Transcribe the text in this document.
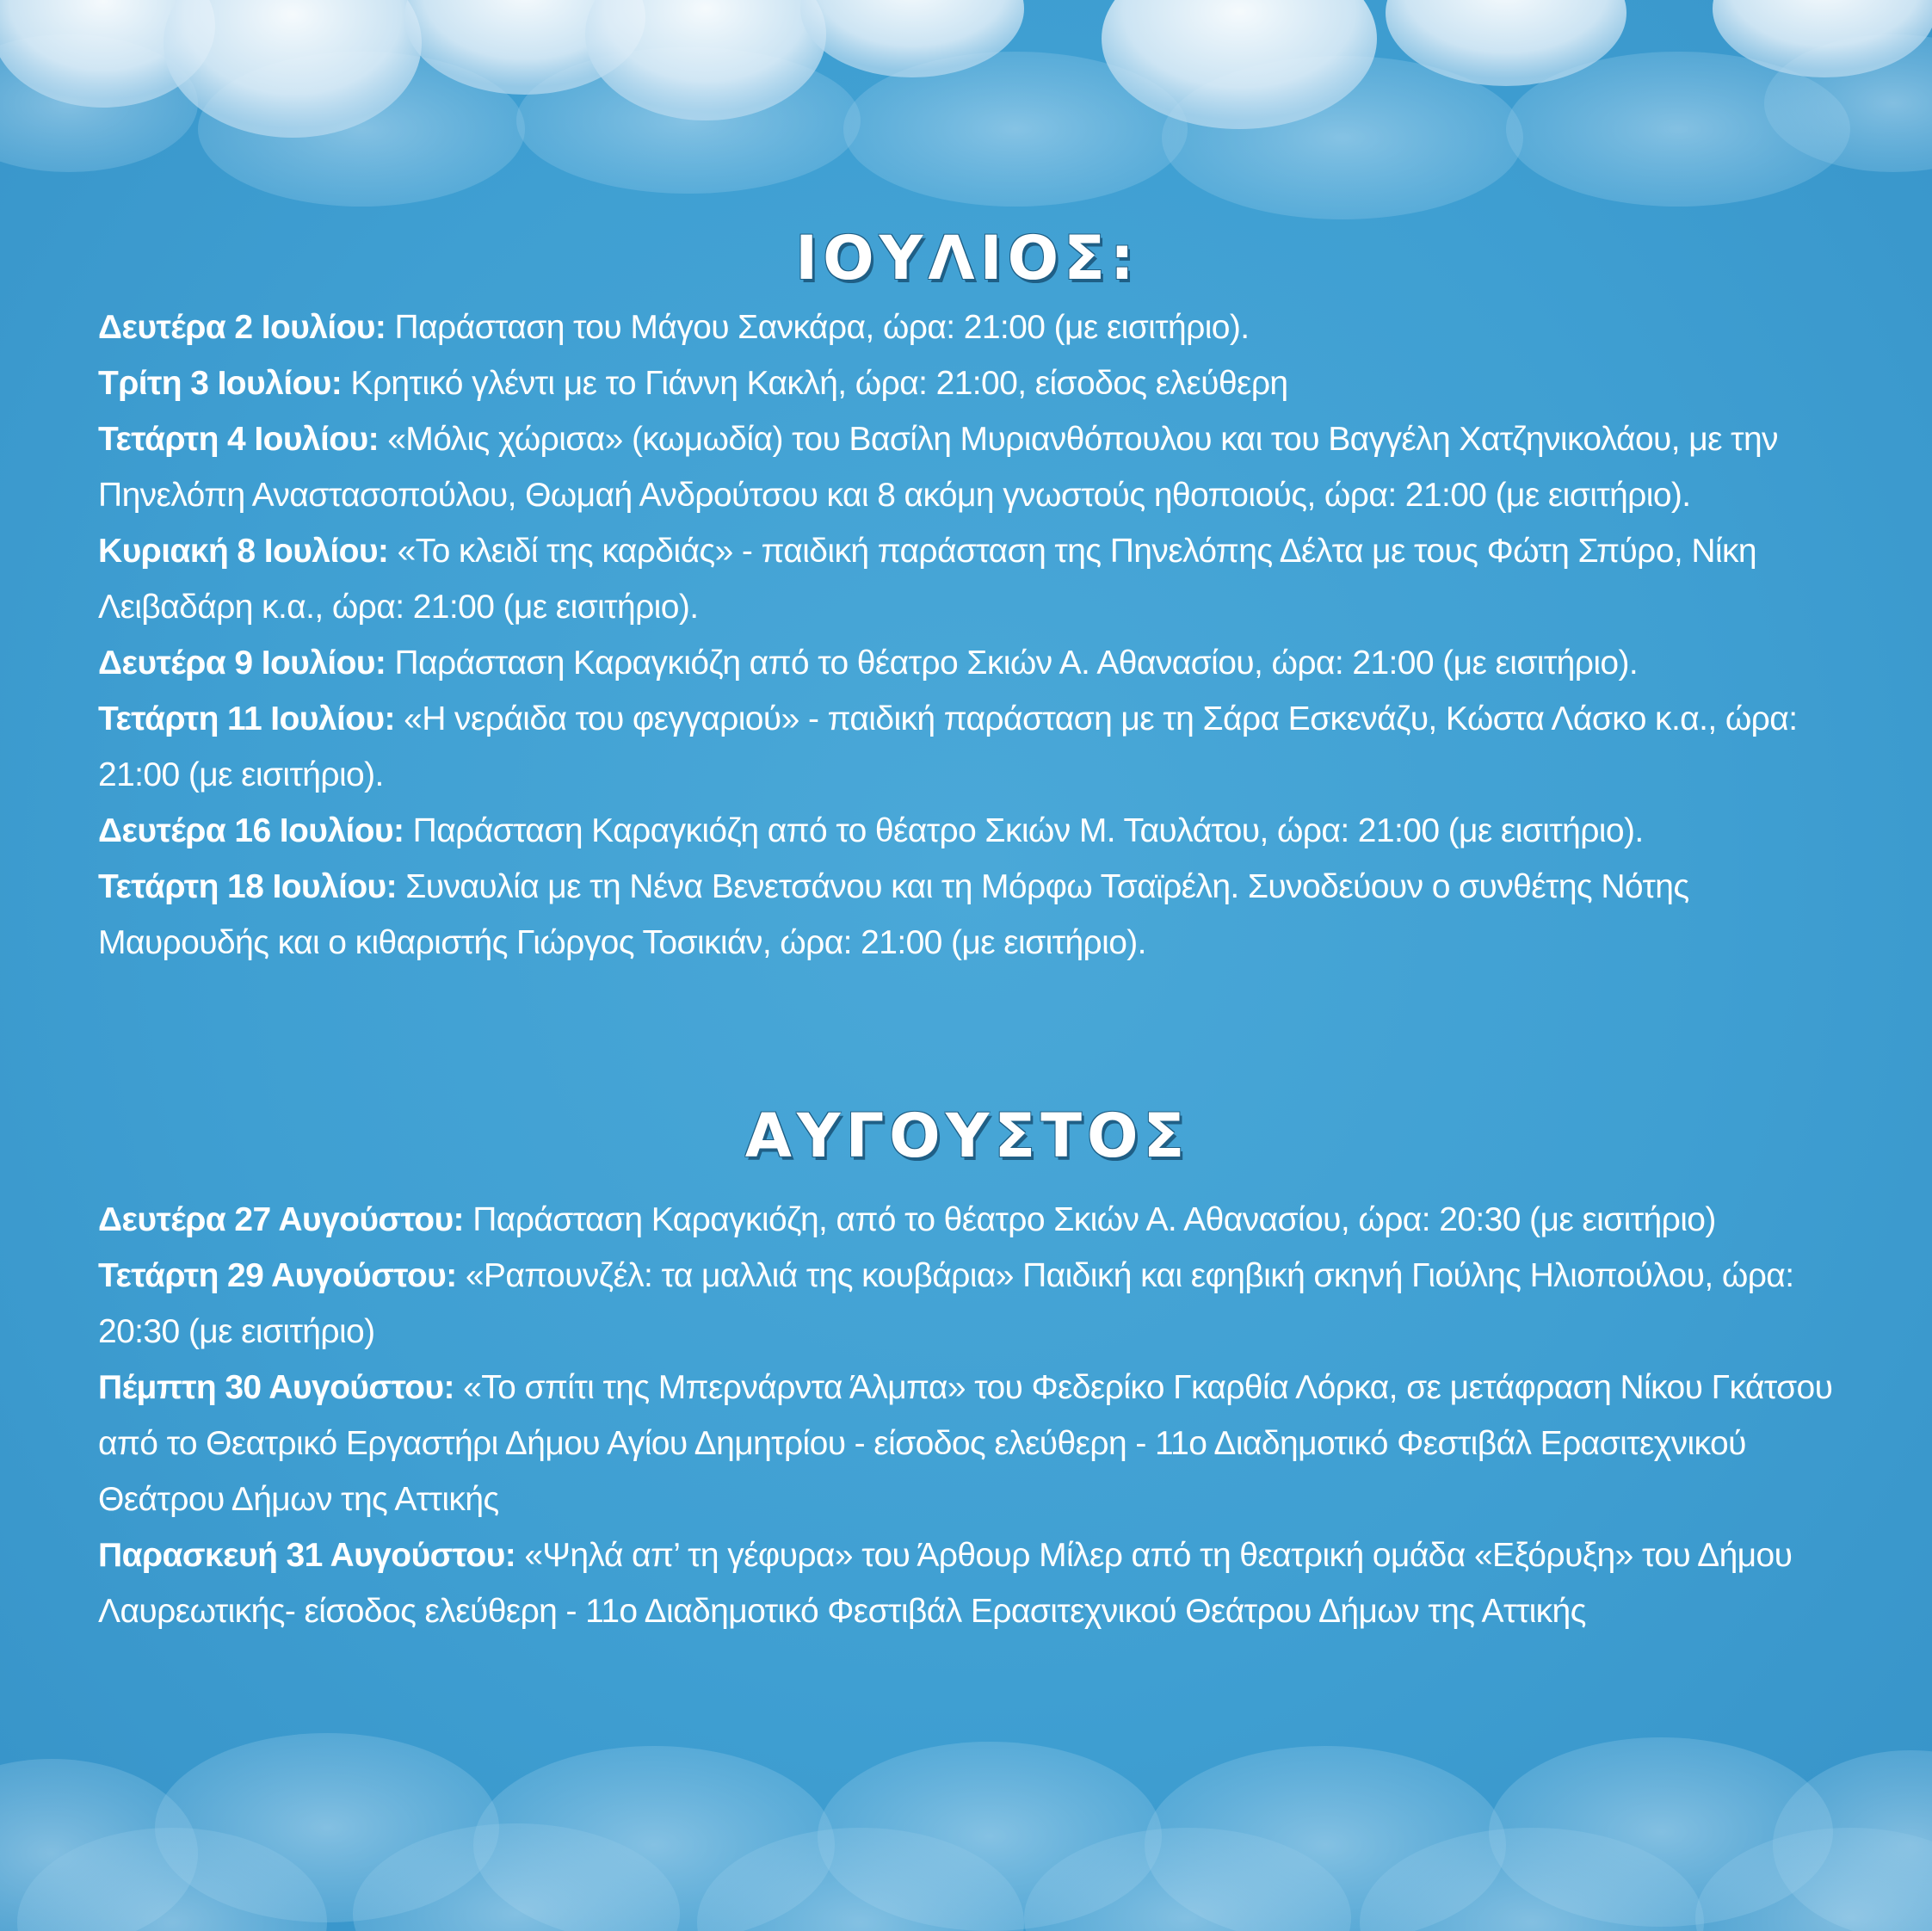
ΙΟΥΛΙΟΣ:
Δευτέρα 2 Ιουλίου: Παράσταση του Μάγου Σανκάρα, ώρα: 21:00 (με εισιτήριο).
Τρίτη 3 Ιουλίου: Κρητικό γλέντι με το Γιάννη Κακλή, ώρα: 21:00, είσοδος ελεύθερη
Τετάρτη 4 Ιουλίου: «Μόλις χώρισα» (κωμωδία) του Βασίλη Μυριανθόπουλου και του Βαγγέλη Χατζηνικολάου, με την Πηνελόπη Αναστασοπούλου, Θωμαή Ανδρούτσου και 8 ακόμη γνωστούς ηθοποιούς, ώρα: 21:00 (με εισιτήριο).
Κυριακή 8 Ιουλίου: «Το κλειδί της καρδιάς» - παιδική παράσταση της Πηνελόπης Δέλτα με τους Φώτη Σπύρο, Νίκη Λειβαδάρη κ.α., ώρα: 21:00 (με εισιτήριο).
Δευτέρα 9 Ιουλίου: Παράσταση Καραγκιόζη από το θέατρο Σκιών Α. Αθανασίου, ώρα: 21:00 (με εισιτήριο).
Τετάρτη 11 Ιουλίου: «Η νεράιδα του φεγγαριού» - παιδική παράσταση με τη Σάρα Εσκενάζυ, Κώστα Λάσκο κ.α., ώρα: 21:00 (με εισιτήριο).
Δευτέρα 16 Ιουλίου: Παράσταση Καραγκιόζη από το θέατρο Σκιών Μ. Ταυλάτου, ώρα: 21:00 (με εισιτήριο).
Τετάρτη 18 Ιουλίου: Συναυλία με τη Νένα Βενετσάνου και τη Μόρφω Τσαϊρέλη. Συνοδεύουν ο συνθέτης Νότης Μαυρουδής και ο κιθαριστής Γιώργος Τοσικιάν, ώρα: 21:00 (με εισιτήριο).
ΑΥΓΟΥΣΤΟΣ
Δευτέρα 27 Αυγούστου: Παράσταση Καραγκιόζη, από το θέατρο Σκιών Α. Αθανασίου, ώρα: 20:30 (με εισιτήριο)
Τετάρτη 29 Αυγούστου: «Ραπουνζέλ: τα μαλλιά της κουβάρια» Παιδική και εφηβική σκηνή Γιούλης Ηλιοπούλου, ώρα: 20:30 (με εισιτήριο)
Πέμπτη 30 Αυγούστου: «Το σπίτι της Μπερνάρντα Άλμπα» του Φεδερίκο Γκαρθία Λόρκα, σε μετάφραση Νίκου Γκάτσου από το Θεατρικό Εργαστήρι Δήμου Αγίου Δημητρίου - είσοδος ελεύθερη - 11ο Διαδημοτικό Φεστιβάλ Ερασιτεχνικού Θεάτρου Δήμων της Αττικής
Παρασκευή 31 Αυγούστου: «Ψηλά απ’ τη γέφυρα» του Άρθουρ Μίλερ από τη θεατρική ομάδα «Εξόρυξη» του Δήμου Λαυρεωτικής- είσοδος ελεύθερη - 11ο Διαδημοτικό Φεστιβάλ Ερασιτεχνικού Θεάτρου Δήμων της Αττικής
